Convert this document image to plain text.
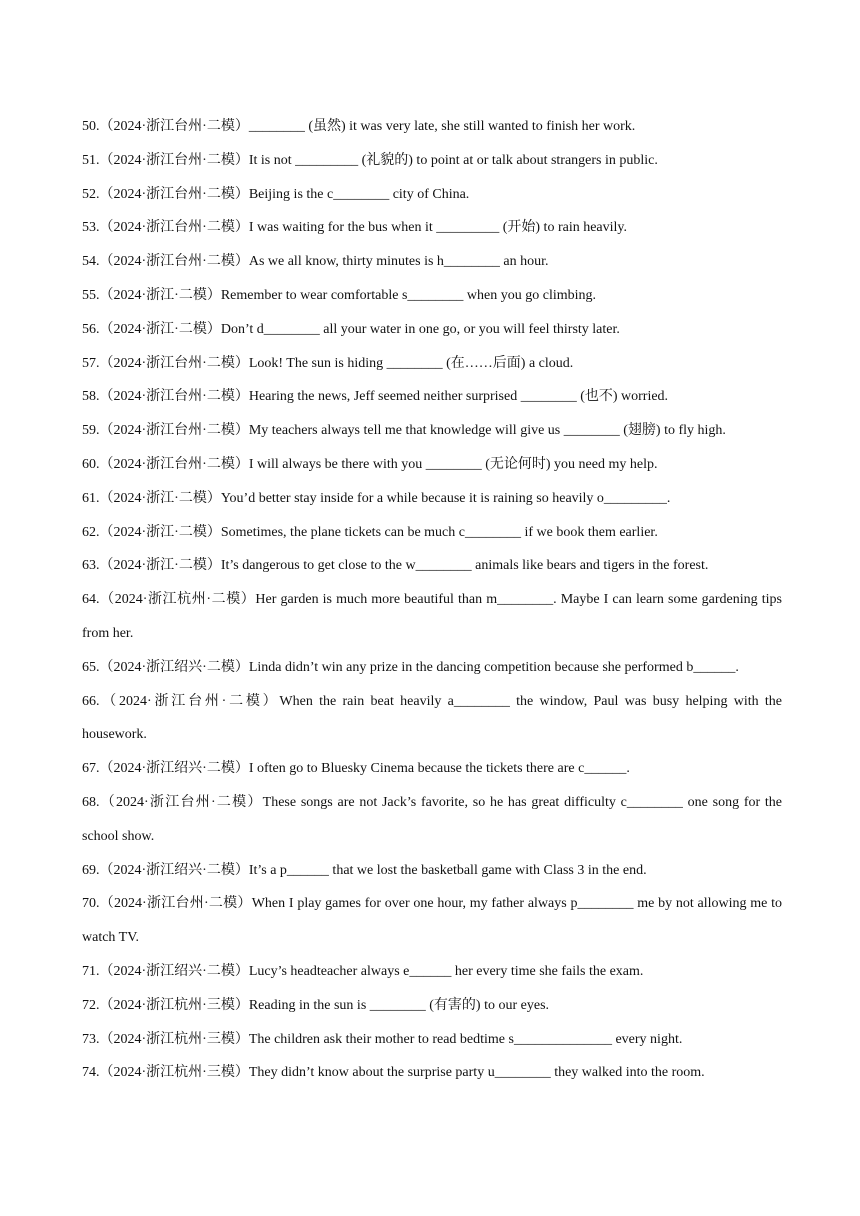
50.（2024·浙江台州·二模）________ (虽然) it was very late, she still wanted to finish her work.
51.（2024·浙江台州·二模）It is not _________ (礼貌的) to point at or talk about strangers in public.
52.（2024·浙江台州·二模）Beijing is the c________ city of China.
53.（2024·浙江台州·二模）I was waiting for the bus when it _________ (开始) to rain heavily.
54.（2024·浙江台州·二模）As we all know, thirty minutes is h________ an hour.
55.（2024·浙江·二模）Remember to wear comfortable s________ when you go climbing.
56.（2024·浙江·二模）Don’t d________ all your water in one go, or you will feel thirsty later.
57.（2024·浙江台州·二模）Look! The sun is hiding ________ (在……后面) a cloud.
58.（2024·浙江台州·二模）Hearing the news, Jeff seemed neither surprised ________ (也不) worried.
59.（2024·浙江台州·二模）My teachers always tell me that knowledge will give us ________ (翅膀) to fly high.
60.（2024·浙江台州·二模）I will always be there with you ________ (无论何时) you need my help.
61.（2024·浙江·二模）You’d better stay inside for a while because it is raining so heavily o_________.
62.（2024·浙江·二模）Sometimes, the plane tickets can be much c________ if we book them earlier.
63.（2024·浙江·二模）It’s dangerous to get close to the w________ animals like bears and tigers in the forest.
64.（2024·浙江杭州·二模）Her garden is much more beautiful than m________. Maybe I can learn some gardening tips from her.
65.（2024·浙江绍兴·二模）Linda didn’t win any prize in the dancing competition because she performed b______.
66.（2024·浙江台州·二模）When the rain beat heavily a________ the window, Paul was busy helping with the housework.
67.（2024·浙江绍兴·二模）I often go to Bluesky Cinema because the tickets there are c______.
68.（2024·浙江台州·二模）These songs are not Jack’s favorite, so he has great difficulty c________ one song for the school show.
69.（2024·浙江绍兴·二模）It’s a p______ that we lost the basketball game with Class 3 in the end.
70.（2024·浙江台州·二模）When I play games for over one hour, my father always p________ me by not allowing me to watch TV.
71.（2024·浙江绍兴·二模）Lucy’s headteacher always e______ her every time she fails the exam.
72.（2024·浙江杭州·三模）Reading in the sun is ________ (有害的) to our eyes.
73.（2024·浙江杭州·三模）The children ask their mother to read bedtime s______________ every night.
74.（2024·浙江杭州·三模）They didn’t know about the surprise party u________ they walked into the room.
